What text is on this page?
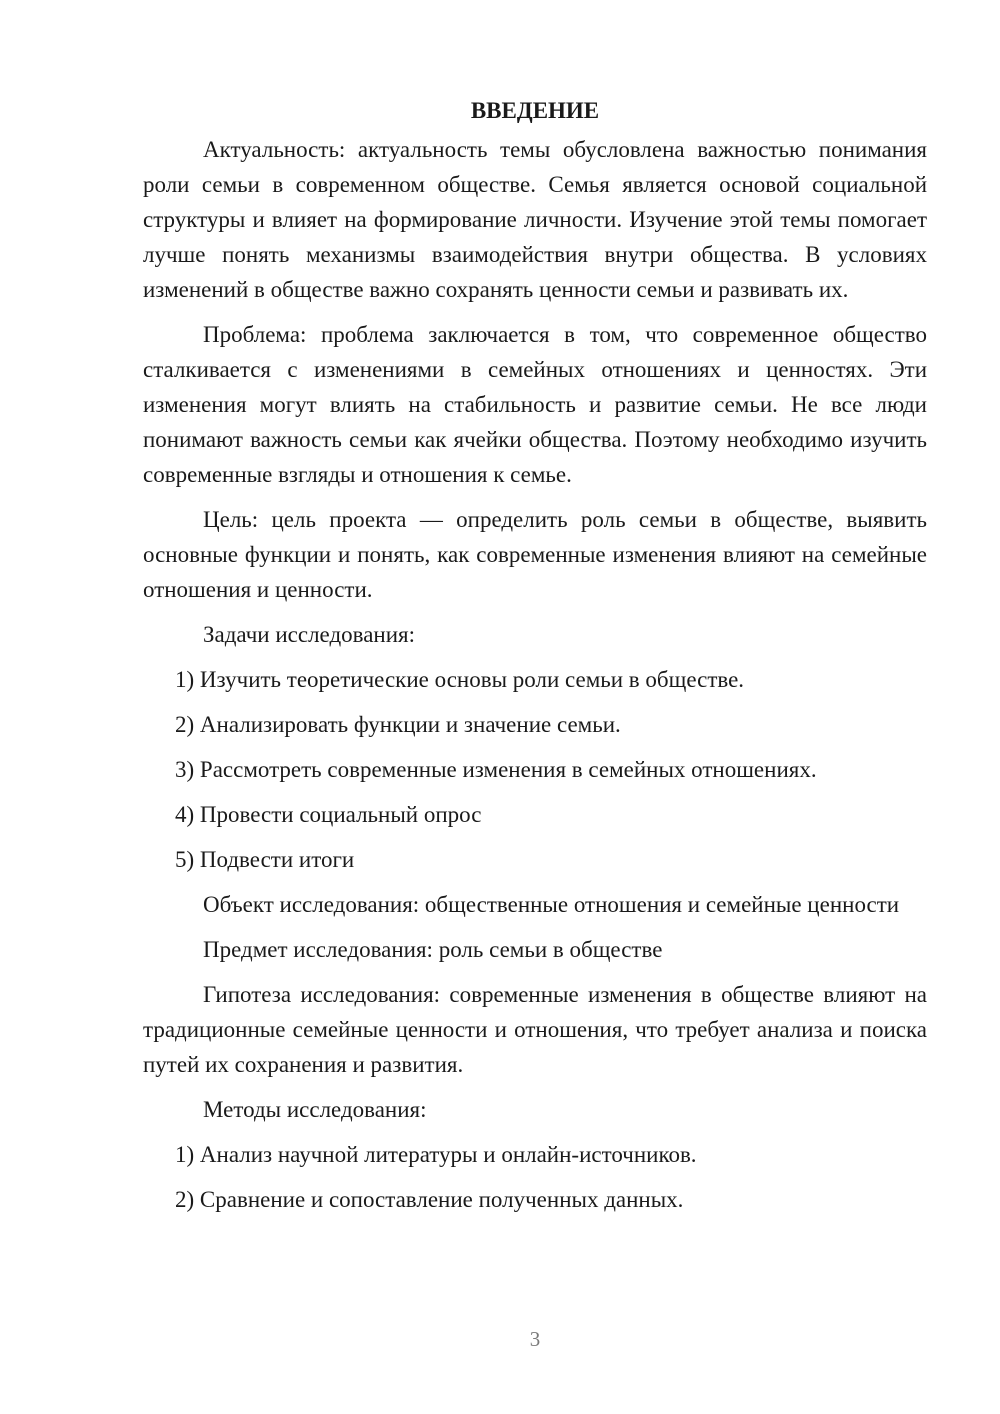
ВВЕДЕНИЕ

Актуальность: актуальность темы обусловлена важностью понимания роли семьи в современном обществе. Семья является основой социальной структуры и влияет на формирование личности. Изучение этой темы помогает лучше понять механизмы взаимодействия внутри общества. В условиях изменений в обществе важно сохранять ценности семьи и развивать их.

Проблема: проблема заключается в том, что современное общество сталкивается с изменениями в семейных отношениях и ценностях. Эти изменения могут влиять на стабильность и развитие семьи. Не все люди понимают важность семьи как ячейки общества. Поэтому необходимо изучить современные взгляды и отношения к семье.

Цель: цель проекта — определить роль семьи в обществе, выявить основные функции и понять, как современные изменения влияют на семейные отношения и ценности.

Задачи исследования:

1) Изучить теоретические основы роли семьи в обществе.
2) Анализировать функции и значение семьи.
3) Рассмотреть современные изменения в семейных отношениях.
4) Провести социальный опрос
5) Подвести итоги

Объект исследования: общественные отношения и семейные ценности

Предмет исследования: роль семьи в обществе

Гипотеза исследования: современные изменения в обществе влияют на традиционные семейные ценности и отношения, что требует анализа и поиска путей их сохранения и развития.

Методы исследования:

1) Анализ научной литературы и онлайн-источников.
2) Сравнение и сопоставление полученных данных.
3
